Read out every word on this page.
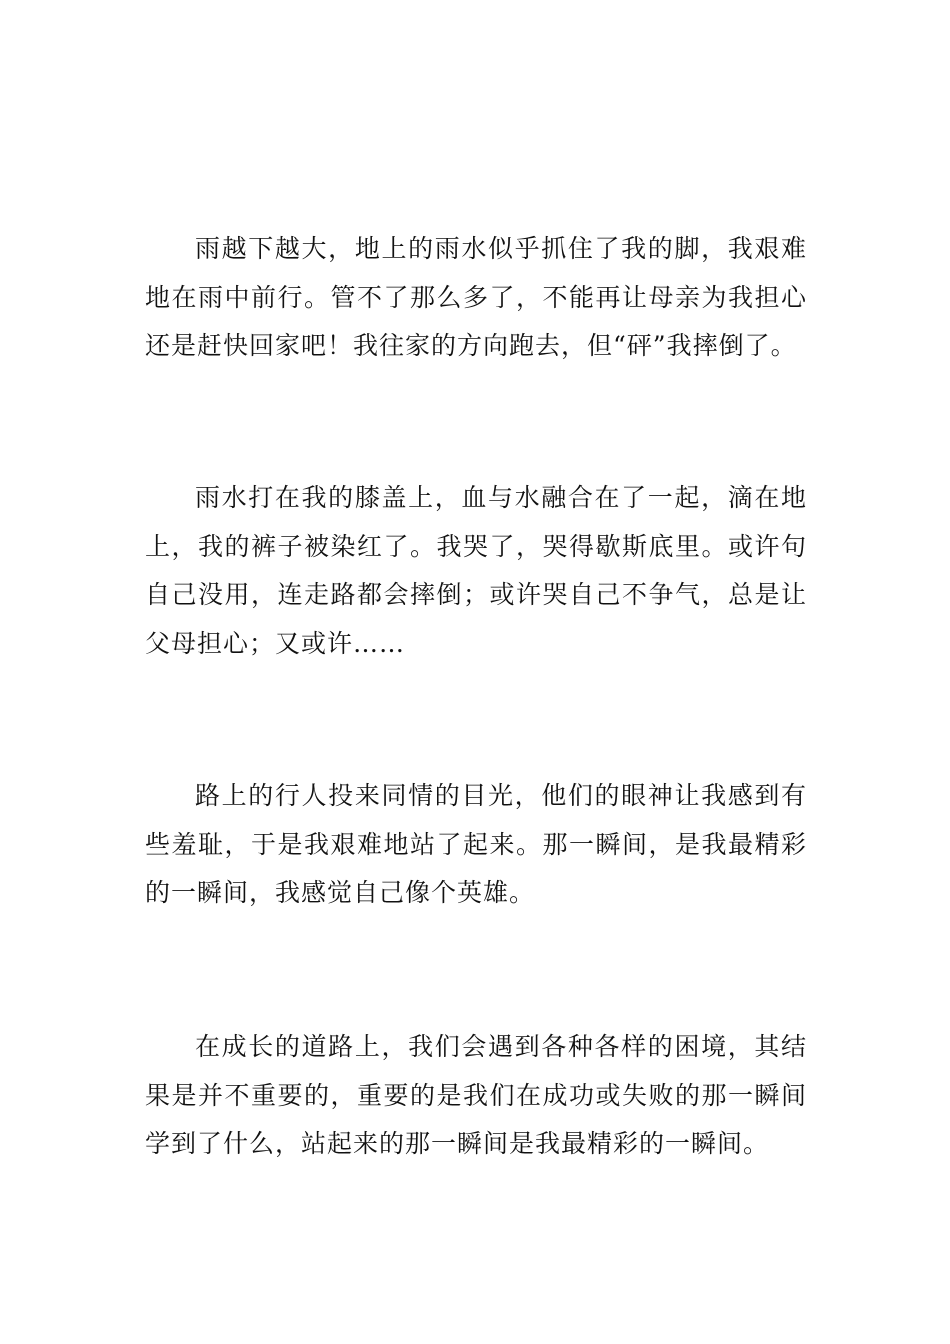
雨越下越大，地上的雨水似乎抓住了我的脚，我艰难地在雨中前行。管不了那么多了，不能再让母亲为我担心还是赶快回家吧！我往家的方向跑去，但“砰”我摔倒了。

雨水打在我的膝盖上，血与水融合在了一起，滴在地上，我的裤子被染红了。我哭了，哭得歇斯底里。或许句自己没用，连走路都会摔倒；或许哭自己不争气，总是让父母担心；又或许……

路上的行人投来同情的目光，他们的眼神让我感到有些羞耻，于是我艰难地站了起来。那一瞬间，是我最精彩的一瞬间，我感觉自己像个英雄。

在成长的道路上，我们会遇到各种各样的困境，其结果是并不重要的，重要的是我们在成功或失败的那一瞬间学到了什么，站起来的那一瞬间是我最精彩的一瞬间。
